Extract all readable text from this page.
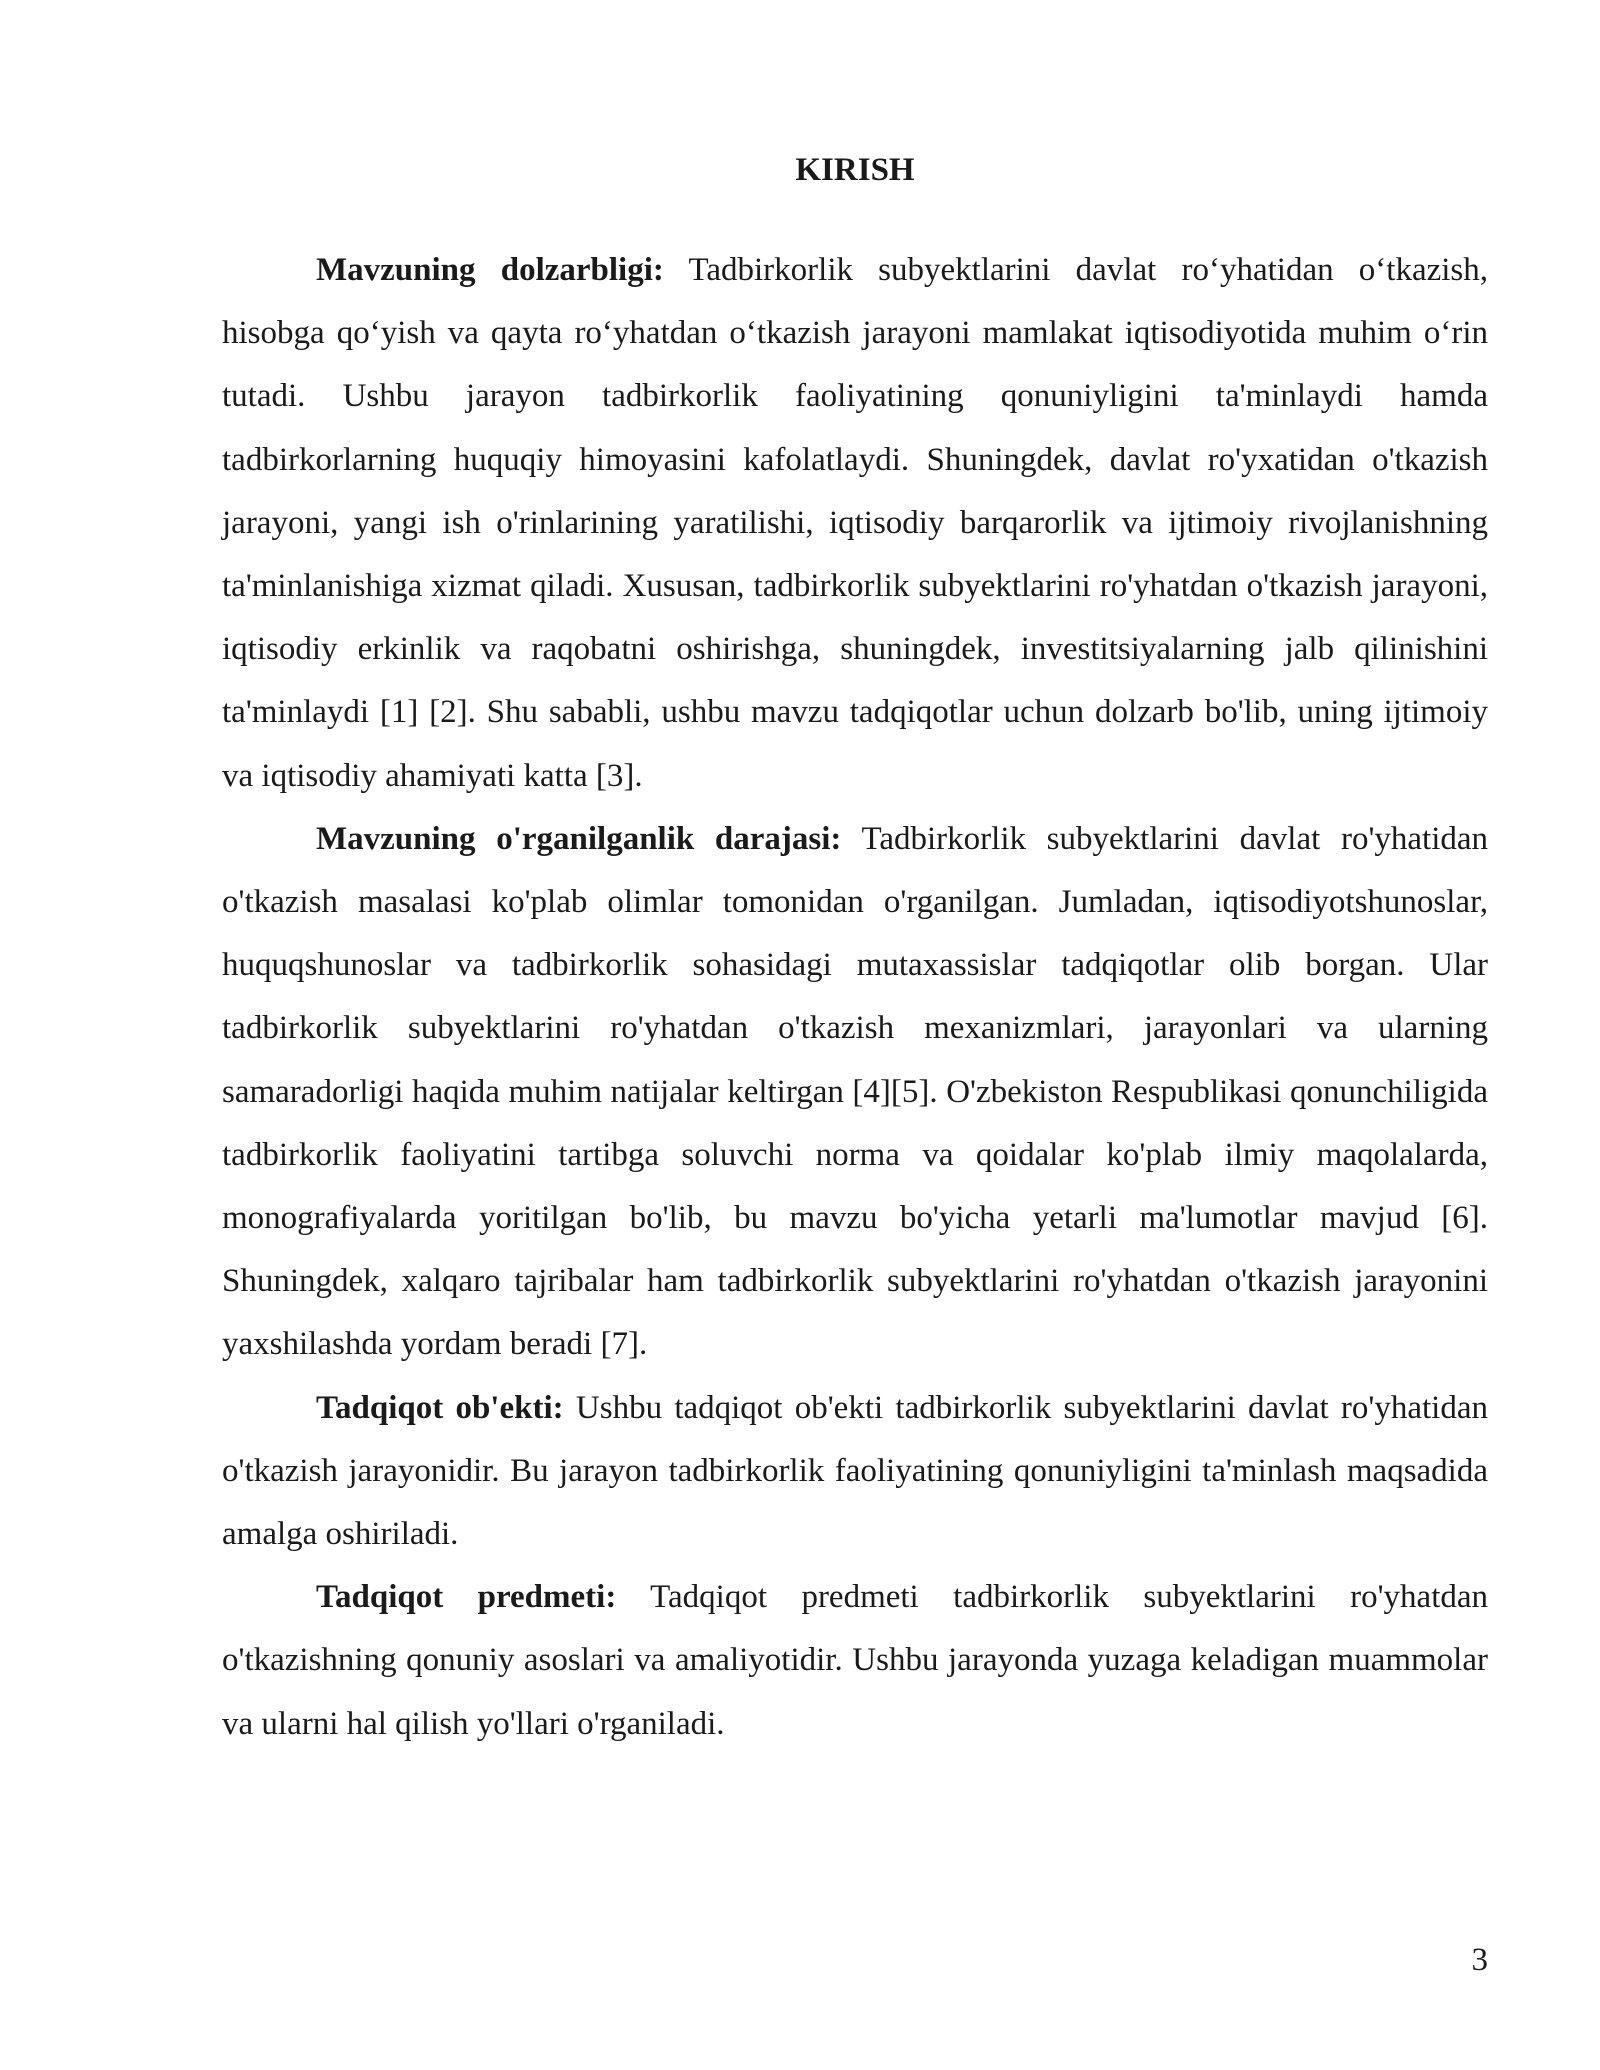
KIRISH

Mavzuning dolzarbligi: Tadbirkorlik subyektlarini davlat ro‘yhatidan o‘tkazish, hisobga qo‘yish va qayta ro‘yhatdan o‘tkazish jarayoni mamlakat iqtisodiyotida muhim o‘rin tutadi. Ushbu jarayon tadbirkorlik faoliyatining qonuniyligini ta'minlaydi hamda tadbirkorlarning huquqiy himoyasini kafolatlaydi. Shuningdek, davlat ro'yxatidan o'tkazish jarayoni, yangi ish o'rinlarining yaratilishi, iqtisodiy barqarorlik va ijtimoiy rivojlanishning ta'minlanishiga xizmat qiladi. Xususan, tadbirkorlik subyektlarini ro'yhatdan o'tkazish jarayoni, iqtisodiy erkinlik va raqobatni oshirishga, shuningdek, investitsiyalarning jalb qilinishini ta'minlaydi [1] [2]. Shu sababli, ushbu mavzu tadqiqotlar uchun dolzarb bo'lib, uning ijtimoiy va iqtisodiy ahamiyati katta [3].

Mavzuning o'rganilganlik darajasi: Tadbirkorlik subyektlarini davlat ro'yhatidan o'tkazish masalasi ko'plab olimlar tomonidan o'rganilgan. Jumladan, iqtisodiyotshunoslar, huquqshunoslar va tadbirkorlik sohasidagi mutaxassislar tadqiqotlar olib borgan. Ular tadbirkorlik subyektlarini ro'yhatdan o'tkazish mexanizmlari, jarayonlari va ularning samaradorligi haqida muhim natijalar keltirgan [4][5]. O'zbekiston Respublikasi qonunchiligida tadbirkorlik faoliyatini tartibga soluvchi norma va qoidalar ko'plab ilmiy maqolalarda, monografiyalarda yoritilgan bo'lib, bu mavzu bo'yicha yetarli ma'lumotlar mavjud [6]. Shuningdek, xalqaro tajribalar ham tadbirkorlik subyektlarini ro'yhatdan o'tkazish jarayonini yaxshilashda yordam beradi [7].

Tadqiqot ob'ekti: Ushbu tadqiqot ob'ekti tadbirkorlik subyektlarini davlat ro'yhatidan o'tkazish jarayonidir. Bu jarayon tadbirkorlik faoliyatining qonuniyligini ta'minlash maqsadida amalga oshiriladi.

Tadqiqot predmeti: Tadqiqot predmeti tadbirkorlik subyektlarini ro'yhatdan o'tkazishning qonuniy asoslari va amaliyotidir. Ushbu jarayonda yuzaga keladigan muammolar va ularni hal qilish yo'llari o'rganiladi.

3
